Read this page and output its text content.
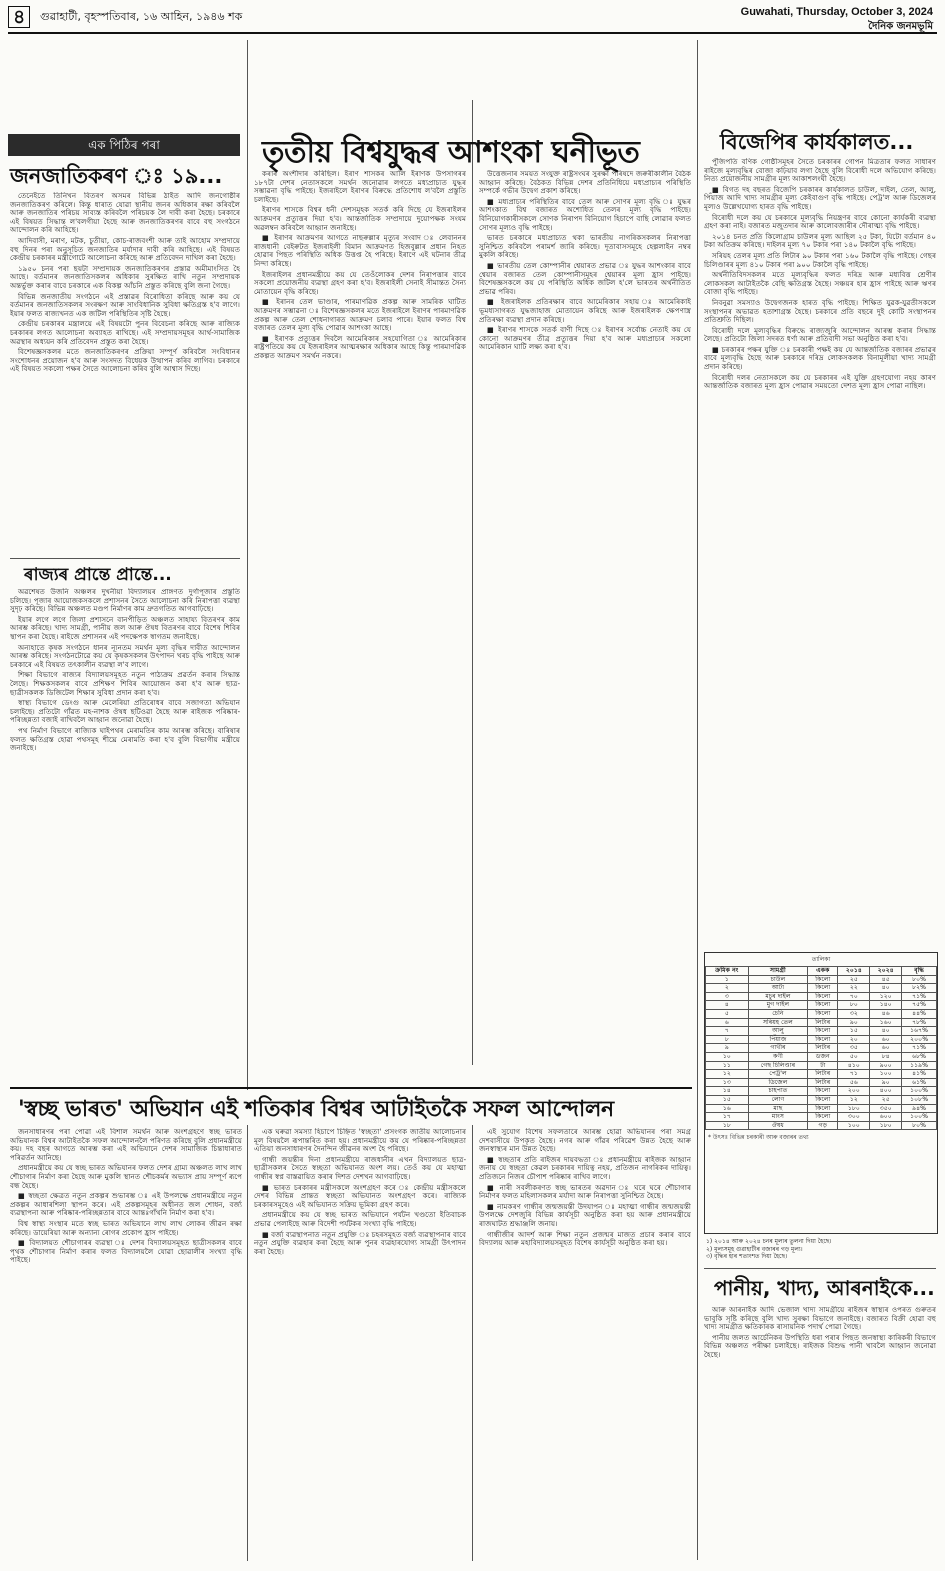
৪	গুৱাহাটী, বৃহস্পতিবাৰ, ১৬ আহিন, ১৯৪৬ শক	Guwahati, Thursday, October 3, 2024
দৈনিক জনমভূমি
এক পিঠিৰ পৰা
জনজাতিকৰণ ঃ ১৯...

তেনেইতে তিনিখন বিতৰণ অসমৰ বিভিন্ন ঠাইত আদি জনগোষ্ঠীৰ জনজাতিকৰণ কৰিলে। কিন্তু ধাৰাত যোৱা স্থানীয় জনৰ অধিকাৰ ৰক্ষা কৰিবলৈ আৰু জনজাতিৰ পৰিচয় সাব্যস্ত কৰিবলৈ পৰিচয়ক লৈ দাবী কৰা হৈছে। চৰকাৰে এই বিষয়ত সিদ্ধান্ত ল'বলগীয়া হৈছে আৰু জনজাতিকৰণৰ বাবে বহু সংগঠনে আন্দোলন কৰি আহিছে।

আদিবাসী, মৰাণ, মটক, চুতীয়া, কোচ-ৰাজবংশী আৰু তাই আহোম সম্প্ৰদায়ে বহু দিনৰ পৰা অনুসূচিত জনজাতিৰ মৰ্যাদাৰ দাবী কৰি আহিছে। এই বিষয়ত কেন্দ্ৰীয় চৰকাৰৰ মন্ত্ৰীগোটে আলোচনা কৰিছে আৰু প্ৰতিবেদন দাখিল কৰা হৈছে।

১৯৫০ চনৰ পৰা ছয়টা সম্প্ৰদায়ক জনজাতিকৰণৰ প্ৰস্তাৱ অমীমাংসিত হৈ আছে। বৰ্তমানৰ জনজাতিসকলৰ অধিকাৰ সুৰক্ষিত ৰাখি নতুন সম্প্ৰদায়ক অন্তৰ্ভুক্ত কৰাৰ বাবে চৰকাৰে এক বিকল্প আঁচনি প্ৰস্তুত কৰিছে বুলি জনা গৈছে।

বিভিন্ন জনজাতীয় সংগঠনে এই প্ৰস্তাৱৰ বিৰোধিতা কৰিছে আৰু কয় যে বৰ্তমানৰ জনজাতিসকলৰ সংৰক্ষণ আৰু সাংবিধানিক সুবিধা ক্ষতিগ্ৰস্ত হ'ব লাগে। ইয়াৰ ফলত ৰাজ্যখনত এক জটিল পৰিস্থিতিৰ সৃষ্টি হৈছে।

কেন্দ্ৰীয় চৰকাৰৰ মন্ত্ৰালয়ে এই বিষয়টো পুনৰ বিবেচনা কৰিছে আৰু ৰাজ্যিক চৰকাৰৰ লগত আলোচনা অব্যাহত ৰাখিছে। এই সম্প্ৰদায়সমূহৰ আৰ্থ-সামাজিক অৱস্থাৰ অধ্যয়ন কৰি প্ৰতিবেদন প্ৰস্তুত কৰা হৈছে।

বিশেষজ্ঞসকলৰ মতে জনজাতিকৰণৰ প্ৰক্ৰিয়া সম্পূৰ্ণ কৰিবলৈ সংবিধানৰ সংশোধনৰ প্ৰয়োজন হ'ব আৰু সংসদত বিধেয়ক উত্থাপন কৰিব লাগিব। চৰকাৰে এই বিষয়ত সকলো পক্ষৰ সৈতে আলোচনা কৰিব বুলি আশ্বাস দিছে।

ৰাজ্যৰ প্ৰান্তে প্ৰান্তে...

অৱশেষত উজনি অঞ্চলৰ দুখনীয়া বিদ্যালয়ৰ প্ৰাঙ্গণত দুৰ্গাপূজাৰ প্ৰস্তুতি চলিছে। পূজাৰ আয়োজকসকলে প্ৰশাসনৰ সৈতে আলোচনা কৰি নিৰাপত্তা ব্যৱস্থা সুদৃঢ় কৰিছে। বিভিন্ন অঞ্চলত মণ্ডপ নিৰ্মাণৰ কাম দ্ৰুতগতিত আগবাঢ়িছে।

ইয়াৰ লগে লগে জিলা প্ৰশাসনে বানপীড়িত অঞ্চলত সাহায্য বিতৰণৰ কাম আৰম্ভ কৰিছে। খাদ্য সামগ্ৰী, পানীয় জল আৰু ঔষধ বিতৰণৰ বাবে বিশেষ শিবিৰ স্থাপন কৰা হৈছে। ৰাইজে প্ৰশাসনৰ এই পদক্ষেপক স্বাগতম জনাইছে।

অন্যহাতে কৃষক সংগঠনে ধানৰ ন্যূনতম সমৰ্থন মূল্য বৃদ্ধিৰ দাবীত আন্দোলন আৰম্ভ কৰিছে। সংগঠনটোৱে কয় যে কৃষকসকলৰ উৎপাদন খৰচ বৃদ্ধি পাইছে আৰু চৰকাৰে এই বিষয়ত তৎকালীন ব্যৱস্থা ল'ব লাগে।

শিক্ষা বিভাগে ৰাজ্যৰ বিদ্যালয়সমূহত নতুন পাঠ্যক্ৰম প্ৰৱৰ্তন কৰাৰ সিদ্ধান্ত লৈছে। শিক্ষকসকলৰ বাবে প্ৰশিক্ষণ শিবিৰ আয়োজন কৰা হ'ব আৰু ছাত্ৰ-ছাত্ৰীসকলক ডিজিটেল শিক্ষাৰ সুবিধা প্ৰদান কৰা হ'ব।

স্বাস্থ্য বিভাগে ডেংগু আৰু মেলেৰিয়া প্ৰতিৰোধৰ বাবে সজাগতা অভিযান চলাইছে। প্ৰতিটো গাঁৱত মহ-নাশক ঔষধ ছটিওৱা হৈছে আৰু ৰাইজক পৰিষ্কাৰ-পৰিচ্ছন্নতা বজাই ৰাখিবলৈ আহ্বান জনোৱা হৈছে।

পথ নিৰ্মাণ বিভাগে ৰাজ্যিক ঘাইপথৰ মেৰামতিৰ কাম আৰম্ভ কৰিছে। বাৰিষাৰ ফলত ক্ষতিগ্ৰস্ত হোৱা পথসমূহ শীঘ্ৰে মেৰামতি কৰা হ'ব বুলি বিভাগীয় মন্ত্ৰীয়ে জনাইছে।

তৃতীয় বিশ্বযুদ্ধৰ আশংকা ঘনীভূত

কৰাৰ অংশীদাৰ কৰিছিল। ইৰাণ শাসকৰ আলি ইৰাণক উপসাগৰৰ ১৮৭টা দেশৰ নেতাসকলে সমৰ্থন জনোৱাৰ লগতে মধ্যপ্ৰাচ্যত যুদ্ধৰ সম্ভাৱনা বৃদ্ধি পাইছে। ইজৰাইলে ইৰাণৰ বিৰুদ্ধে প্ৰতিশোধ ল'বলৈ প্ৰস্তুতি চলাইছে।

ইৰাণৰ শাসকে বিশ্বৰ ধনী দেশসমূহক সতৰ্ক কৰি দিছে যে ইজৰাইলৰ আক্ৰমণৰ প্ৰত্যুত্তৰ দিয়া হ'ব। আন্তৰ্জাতিক সম্প্ৰদায়ে দুয়োপক্ষক সংযম অৱলম্বন কৰিবলৈ আহ্বান জনাইছে।

■ ইৰাণৰ আক্ৰমণৰ আগতে নাছৰুল্লাৰ মৃত্যুৰ সংবাদ ঃ লেবাননৰ ৰাজধানী বেইৰুটত ইজৰাইলী বিমান আক্ৰমণত হিজবুল্লাৰ প্ৰধান নিহত হোৱাৰ পিছত পৰিস্থিতি অধিক উত্তপ্ত হৈ পৰিছে। ইৰাণে এই ঘটনাৰ তীব্ৰ নিন্দা কৰিছে।

ইজৰাইলৰ প্ৰধানমন্ত্ৰীয়ে কয় যে তেওঁলোকৰ দেশৰ নিৰাপত্তাৰ বাবে সকলো প্ৰয়োজনীয় ব্যৱস্থা গ্ৰহণ কৰা হ'ব। ইজৰাইলী সেনাই সীমান্তত সৈন্য মোতায়েন বৃদ্ধি কৰিছে।

■ ইৰানৰ তেল ভাণ্ডাৰ, পাৰমাণৱিক প্ৰকল্প আৰু সামৰিক ঘাটিত আক্ৰমণৰ সম্ভাৱনা ঃ বিশেষজ্ঞসকলৰ মতে ইজৰাইলে ইৰাণৰ পাৰমাণৱিক প্ৰকল্প আৰু তেল শোধনাগাৰত আক্ৰমণ চলাব পাৰে। ইয়াৰ ফলত বিশ্ব বজাৰত তেলৰ মূল্য বৃদ্ধি পোৱাৰ আশংকা আছে।

■ ইৰাণক প্ৰত্যুত্তৰ দিবলৈ আমেৰিকাৰ সহযোগিতা ঃ আমেৰিকাৰ ৰাষ্ট্ৰপতিয়ে কয় যে ইজৰাইলৰ আত্মৰক্ষাৰ অধিকাৰ আছে কিন্তু পাৰমাণৱিক প্ৰকল্পত আক্ৰমণ সমৰ্থন নকৰে।

উত্তেজনাৰ সময়ত সংযুক্ত ৰাষ্ট্ৰসংঘৰ সুৰক্ষা পৰিষদে জৰুৰীকালীন বৈঠক আহ্বান কৰিছে। বৈঠকত বিভিন্ন দেশৰ প্ৰতিনিধিয়ে মধ্যপ্ৰাচ্যৰ পৰিস্থিতি সম্পৰ্কে গভীৰ উদ্বেগ প্ৰকাশ কৰিছে।

■ মধ্যপ্ৰাচ্যৰ পৰিস্থিতিৰ বাবে তেল আৰু সোণৰ মূল্য বৃদ্ধি ঃ যুদ্ধৰ আশংকাত বিশ্ব বজাৰত অশোধিত তেলৰ মূল্য বৃদ্ধি পাইছে। বিনিয়োগকাৰীসকলে সোণক নিৰাপদ বিনিয়োগ হিচাপে বাছি লোৱাৰ ফলত সোণৰ মূল্যও বৃদ্ধি পাইছে।

ভাৰত চৰকাৰে মধ্যপ্ৰাচ্যত থকা ভাৰতীয় নাগৰিকসকলৰ নিৰাপত্তা সুনিশ্চিত কৰিবলৈ পৰামৰ্শ জাৰি কৰিছে। দূতাবাসসমূহে হেল্পলাইন নম্বৰ মুকলি কৰিছে।

■ ভাৰতীয় তেল কোম্পানীৰ শ্বেয়াৰত প্ৰভাৱ ঃ যুদ্ধৰ আশংকাৰ বাবে শ্বেয়াৰ বজাৰত তেল কোম্পানীসমূহৰ শ্বেয়াৰৰ মূল্য হ্ৰাস পাইছে। বিশেষজ্ঞসকলে কয় যে পৰিস্থিতি অধিক জটিল হ'লে ভাৰতৰ অৰ্থনীতিত প্ৰভাৱ পৰিব।

■ ইজৰাইলক প্ৰতিৰক্ষাৰ বাবে আমেৰিকাৰ সহায় ঃ আমেৰিকাই ভূমধ্যসাগৰত যুদ্ধজাহাজ মোতায়েন কৰিছে আৰু ইজৰাইলক ক্ষেপণাস্ত্ৰ প্ৰতিৰক্ষা ব্যৱস্থা প্ৰদান কৰিছে।

■ ইৰাণৰ শাসকে সতৰ্ক বাণী দিছে ঃ ইৰাণৰ সৰ্বোচ্চ নেতাই কয় যে কোনো আক্ৰমণৰ তীব্ৰ প্ৰত্যুত্তৰ দিয়া হ'ব আৰু মধ্যপ্ৰাচ্যৰ সকলো আমেৰিকান ঘাটি লক্ষ্য কৰা হ'ব।

'স্বচ্ছ ভাৰত' অভিযান এই শতিকাৰ বিশ্বৰ আটাইতকৈ সফল আন্দোলন

জনসাধাৰণৰ পৰা পোৱা এই বিশাল সমৰ্থন আৰু অংশগ্ৰহণে স্বচ্ছ ভাৰত অভিযানক বিশ্বৰ আটাইতকৈ সফল আন্দোলনলৈ পৰিণত কৰিছে বুলি প্ৰধানমন্ত্ৰীয়ে কয়। দহ বছৰ আগতে আৰম্ভ কৰা এই অভিযানে দেশৰ সামাজিক চিন্তাধাৰাত পৰিৱৰ্তন আনিছে।

প্ৰধানমন্ত্ৰীয়ে কয় যে স্বচ্ছ ভাৰত অভিযানৰ ফলত দেশৰ গ্ৰাম্য অঞ্চলত লাখ লাখ শৌচাগাৰ নিৰ্মাণ কৰা হৈছে আৰু মুকলি স্থানত শৌচকৰ্মৰ অভ্যাস প্ৰায় সম্পূৰ্ণ ৰূপে বন্ধ হৈছে।

■ স্বচ্ছতা ক্ষেত্ৰত নতুন প্ৰকল্পৰ শুভাৰম্ভ ঃ এই উপলক্ষে প্ৰধানমন্ত্ৰীয়ে নতুন প্ৰকল্পৰ আধাৰশিলা স্থাপন কৰে। এই প্ৰকল্পসমূহৰ অধীনত জল শোধন, বৰ্জ্য ব্যৱস্থাপনা আৰু পৰিষ্কাৰ-পৰিচ্ছন্নতাৰ বাবে আন্তঃগাঁথনি নিৰ্মাণ কৰা হ'ব।

বিশ্ব স্বাস্থ্য সংস্থাৰ মতে স্বচ্ছ ভাৰত অভিযানে লাখ লাখ লোকৰ জীৱন ৰক্ষা কৰিছে। ডায়েৰিয়া আৰু অন্যান্য ৰোগৰ প্ৰকোপ হ্ৰাস পাইছে।

■ বিদ্যালয়ত শৌচাগাৰৰ ব্যৱস্থা ঃ দেশৰ বিদ্যালয়সমূহত ছাত্ৰীসকলৰ বাবে পৃথক শৌচাগাৰ নিৰ্মাণ কৰাৰ ফলত বিদ্যালয়লৈ যোৱা ছোৱালীৰ সংখ্যা বৃদ্ধি পাইছে।

এক ঘৰুৱা সমস্যা হিচাপে চিহ্নিত 'স্বচ্ছতা' প্ৰসংগক জাতীয় আলোচনাৰ মূল বিষয়লৈ ৰূপান্তৰিত কৰা হয়। প্ৰধানমন্ত্ৰীয়ে কয় যে পৰিষ্কাৰ-পৰিচ্ছন্নতা এতিয়া জনসাধাৰণৰ দৈনন্দিন জীৱনৰ অংশ হৈ পৰিছে।

গান্ধী জয়ন্তীৰ দিনা প্ৰধানমন্ত্ৰীয়ে ৰাজধানীৰ এখন বিদ্যালয়ত ছাত্ৰ-ছাত্ৰীসকলৰ সৈতে স্বচ্ছতা অভিযানত অংশ লয়। তেওঁ কয় যে মহাত্মা গান্ধীৰ স্বপ্ন বাস্তৱায়িত কৰাৰ দিশত দেশখন আগবাঢ়িছে।

■ ভাৰত চৰকাৰৰ মন্ত্ৰীসকলে অংশগ্ৰহণ কৰে ঃ কেন্দ্ৰীয় মন্ত্ৰীসকলে দেশৰ বিভিন্ন প্ৰান্তত স্বচ্ছতা অভিযানত অংশগ্ৰহণ কৰে। ৰাজ্যিক চৰকাৰসমূহেও এই অভিযানত সক্ৰিয় ভূমিকা গ্ৰহণ কৰে।

প্ৰধানমন্ত্ৰীয়ে কয় যে স্বচ্ছ ভাৰত অভিযানে পৰ্যটন খণ্ডতো ইতিবাচক প্ৰভাৱ পেলাইছে আৰু বিদেশী পৰ্যটকৰ সংখ্যা বৃদ্ধি পাইছে।

■ বৰ্জ্য ব্যৱস্থাপনাত নতুন প্ৰযুক্তি ঃ চহৰসমূহত বৰ্জ্য ব্যৱস্থাপনাৰ বাবে নতুন প্ৰযুক্তি ব্যৱহাৰ কৰা হৈছে আৰু পুনৰ ব্যৱহাৰযোগ্য সামগ্ৰী উৎপাদন কৰা হৈছে।

এই সুযোগ বিশেষ সফলতাৰে আৰম্ভ হোৱা অভিযানৰ পৰা সমগ্ৰ দেশবাসীয়ে উপকৃত হৈছে। নগৰ আৰু গাঁৱৰ পৰিৱেশ উন্নত হৈছে আৰু জনস্বাস্থ্যৰ মান উন্নত হৈছে।

■ স্বচ্ছতাৰ প্ৰতি ৰাইজৰ দায়বদ্ধতা ঃ প্ৰধানমন্ত্ৰীয়ে ৰাইজক আহ্বান জনায় যে স্বচ্ছতা কেৱল চৰকাৰৰ দায়িত্ব নহয়, প্ৰতিজন নাগৰিকৰ দায়িত্ব। প্ৰতিজনে নিজৰ চৌপাশ পৰিষ্কাৰ ৰাখিব লাগে।

■ নাৰী সবলীকৰণত স্বচ্ছ ভাৰতৰ অৱদান ঃ ঘৰে ঘৰে শৌচাগাৰ নিৰ্মাণৰ ফলত মহিলাসকলৰ মৰ্যাদা আৰু নিৰাপত্তা সুনিশ্চিত হৈছে।

■ নামকৰণ গান্ধীৰ জন্মজয়ন্তী উদযাপন ঃ মহাত্মা গান্ধীৰ জন্মজয়ন্তী উপলক্ষে দেশজুৰি বিভিন্ন কাৰ্যসূচী অনুষ্ঠিত কৰা হয় আৰু প্ৰধানমন্ত্ৰীয়ে ৰাজঘাটত শ্ৰদ্ধাঞ্জলি জনায়।

গান্ধীজীৰ আদৰ্শ আৰু শিক্ষা নতুন প্ৰজন্মৰ মাজত প্ৰচাৰ কৰাৰ বাবে বিদ্যালয় আৰু মহাবিদ্যালয়সমূহত বিশেষ কাৰ্যসূচী অনুষ্ঠিত কৰা হয়।

বিজেপিৰ কাৰ্যকালত...

পুঁজিপতি বণিক গোষ্ঠীসমূহৰ সৈতে চৰকাৰৰ গোপন মিত্ৰতাৰ ফলত সাধাৰণ ৰাইজে মূল্যবৃদ্ধিৰ বোজা কঢ়িয়াব লগা হৈছে বুলি বিৰোধী দলে অভিযোগ কৰিছে। নিত্য প্ৰয়োজনীয় সামগ্ৰীৰ মূল্য আকাশলংঘী হৈছে।

■ বিগত দহ বছৰত বিজেপি চৰকাৰৰ কাৰ্যকালত চাউল, দাইল, তেল, আলু, পিঁয়াজ আদি খাদ্য সামগ্ৰীৰ মূল্য কেইবাগুণ বৃদ্ধি পাইছে। পেট্ৰ'ল আৰু ডিজেলৰ মূল্যও উল্লেখযোগ্য হাৰত বৃদ্ধি পাইছে।

বিৰোধী দলে কয় যে চৰকাৰে মূল্যবৃদ্ধি নিয়ন্ত্ৰণৰ বাবে কোনো কাৰ্যকৰী ব্যৱস্থা গ্ৰহণ কৰা নাই। বজাৰত মজুতদাৰ আৰু কালোবজাৰীৰ দৌৰাত্ম্য বৃদ্ধি পাইছে।

২০১৪ চনত প্ৰতি কিলোগ্ৰাম চাউলৰ মূল্য আছিল ২৫ টকা, যিটো বৰ্তমান ৪০ টকা অতিক্ৰম কৰিছে। দাইলৰ মূল্য ৭০ টকাৰ পৰা ১৪০ টকালৈ বৃদ্ধি পাইছে।

সৰিয়হ তেলৰ মূল্য প্ৰতি লিটাৰ ৯০ টকাৰ পৰা ১৬০ টকালৈ বৃদ্ধি পাইছে। গেছৰ চিলিণ্ডাৰৰ মূল্য ৪১০ টকাৰ পৰা ৯০০ টকালৈ বৃদ্ধি পাইছে।

অৰ্থনীতিবিদসকলৰ মতে মূল্যবৃদ্ধিৰ ফলত দৰিদ্ৰ আৰু মধ্যবিত্ত শ্ৰেণীৰ লোকসকল আটাইতকৈ বেছি ক্ষতিগ্ৰস্ত হৈছে। সঞ্চয়ৰ হাৰ হ্ৰাস পাইছে আৰু ঋণৰ বোজা বৃদ্ধি পাইছে।

নিবনুৱা সমস্যাও উদ্বেগজনক হাৰত বৃদ্ধি পাইছে। শিক্ষিত যুৱক-যুৱতীসকলে সংস্থাপনৰ অভাৱত হতাশাগ্ৰস্ত হৈছে। চৰকাৰে প্ৰতি বছৰে দুই কোটি সংস্থাপনৰ প্ৰতিশ্ৰুতি দিছিল।

বিৰোধী দলে মূল্যবৃদ্ধিৰ বিৰুদ্ধে ৰাজ্যজুৰি আন্দোলন আৰম্ভ কৰাৰ সিদ্ধান্ত লৈছে। প্ৰতিটো জিলা সদৰত ধৰ্ণা আৰু প্ৰতিবাদী সভা অনুষ্ঠিত কৰা হ'ব।

■ চৰকাৰৰ পক্ষৰ যুক্তি ঃ চৰকাৰী পক্ষই কয় যে আন্তৰ্জাতিক বজাৰৰ প্ৰভাৱৰ বাবে মূল্যবৃদ্ধি হৈছে আৰু চৰকাৰে দৰিদ্ৰ লোকসকলক বিনামূলীয়া খাদ্য সামগ্ৰী প্ৰদান কৰিছে।

বিৰোধী দলৰ নেতাসকলে কয় যে চৰকাৰৰ এই যুক্তি গ্ৰহণযোগ্য নহয় কাৰণ আন্তৰ্জাতিক বজাৰত মূল্য হ্ৰাস পোৱাৰ সময়তো দেশত মূল্য হ্ৰাস পোৱা নাছিল।

তালিকা
ক্ৰমিক নং	সামগ্ৰী	একক	২০১৪	২০২৪	বৃদ্ধি
১	চাউল	কিলো	২৫	৪৫	৮০%
২	আটা	কিলো	২২	৪০	৮২%
৩	মচুৰ দাইল	কিলো	৭০	১২০	৭১%
৪	মুগ দাইল	কিলো	৮০	১৪০	৭৫%
৫	চেনি	কিলো	৩২	৪৬	৪৪%
৬	সৰিয়হ তেল	লিটাৰ	৯০	১৬০	৭৮%
৭	আলু	কিলো	১৫	৪০	১৬৭%
৮	পিঁয়াজ	কিলো	২০	৬০	২০০%
৯	গাখীৰ	লিটাৰ	৩৫	৬০	৭১%
১০	কণী	ডজন	৫০	৮৪	৬৮%
১১	গেছ চিলিণ্ডাৰ	টা	৪১০	৯০০	১১৯%
১২	পেট্ৰ'ল	লিটাৰ	৭১	১০০	৪১%
১৩	ডিজেল	লিটাৰ	৫৬	৯০	৬১%
১৪	চাহপাত	কিলো	২০০	৪০০	১০০%
১৫	লোণ	কিলো	১২	২৫	১০৮%
১৬	মাছ	কিলো	১৮০	৩৫০	৯৪%
১৭	মাংস	কিলো	৩০০	৬০০	১০০%
১৮	ঔষধ	গড়	১০০	১৮০	৮০%
* উৎসঃ বিভিন্ন চৰকাৰী আৰু বজাৰৰ তথ্য
১) ২০১৪ আৰু ২০২৪ চনৰ মূল্যৰ তুলনা দিয়া হৈছে।
২) মূল্যসমূহ গুৱাহাটীৰ বজাৰৰ গড় মূল্য।
৩) বৃদ্ধিৰ হাৰ শতাংশত দিয়া হৈছে।
পানীয়, খাদ্য, আৰনাইকে...

আৰু আৰনাইক আদি ভেজাল খাদ্য সামগ্ৰীয়ে ৰাইজৰ স্বাস্থ্যৰ ওপৰত গুৰুতৰ ভাবুকি সৃষ্টি কৰিছে বুলি খাদ্য সুৰক্ষা বিভাগে জনাইছে। বজাৰত বিক্ৰী হোৱা বহু খাদ্য সামগ্ৰীত ক্ষতিকাৰক ৰাসায়নিক পদাৰ্থ পোৱা গৈছে।

পানীয় জলত আৰ্চেনিকৰ উপস্থিতি ধৰা পৰাৰ পিছত জনস্বাস্থ্য কাৰিকৰী বিভাগে বিভিন্ন অঞ্চলত পৰীক্ষা চলাইছে। ৰাইজক বিশুদ্ধ পানী খাবলৈ আহ্বান জনোৱা হৈছে।
